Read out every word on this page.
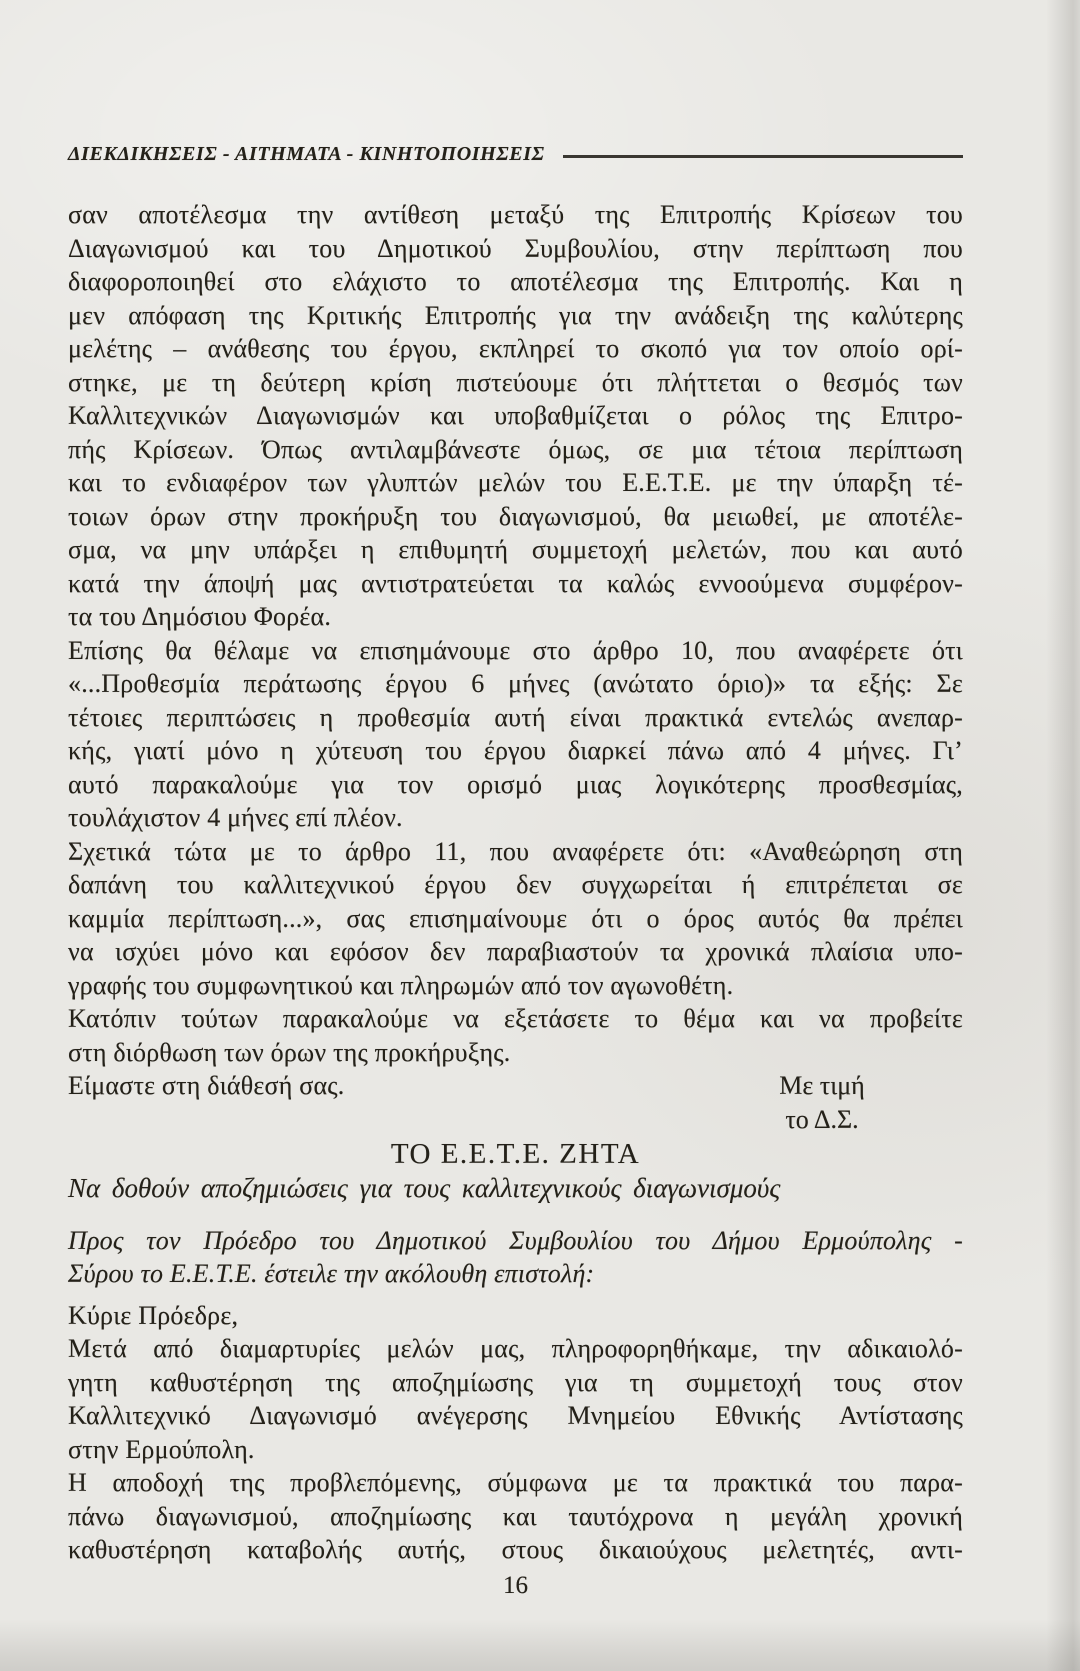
ΔΙΕΚΔΙΚΗΣΕΙΣ - ΑΙΤΗΜΑΤΑ - ΚΙΝΗΤΟΠΟΙΗΣΕΙΣ
σαν αποτέλεσμα την αντίθεση μεταξύ της Επιτροπής Κρίσεων του
Διαγωνισμού και του Δημοτικού Συμβουλίου, στην περίπτωση που
διαφοροποιηθεί στο ελάχιστο το αποτέλεσμα της Επιτροπής. Και η
μεν απόφαση της Κριτικής Επιτροπής για την ανάδειξη της καλύτερης
μελέτης – ανάθεσης του έργου, εκπληρεί το σκοπό για τον οποίο ορί-
στηκε, με τη δεύτερη κρίση πιστεύουμε ότι πλήττεται ο θεσμός των
Καλλιτεχνικών Διαγωνισμών και υποβαθμίζεται ο ρόλος της Επιτρο-
πής Κρίσεων. Όπως αντιλαμβάνεστε όμως, σε μια τέτοια περίπτωση
και το ενδιαφέρον των γλυπτών μελών του Ε.Ε.Τ.Ε. με την ύπαρξη τέ-
τοιων όρων στην προκήρυξη του διαγωνισμού, θα μειωθεί, με αποτέλε-
σμα, να μην υπάρξει η επιθυμητή συμμετοχή μελετών, που και αυτό
κατά την άποψή μας αντιστρατεύεται τα καλώς εννοούμενα συμφέρον-
τα του Δημόσιου Φορέα.
Επίσης θα θέλαμε να επισημάνουμε στο άρθρο 10, που αναφέρετε ότι
«...Προθεσμία περάτωσης έργου 6 μήνες (ανώτατο όριο)» τα εξής: Σε
τέτοιες περιπτώσεις η προθεσμία αυτή είναι πρακτικά εντελώς ανεπαρ-
κής, γιατί μόνο η χύτευση του έργου διαρκεί πάνω από 4 μήνες. Γι’
αυτό παρακαλούμε για τον ορισμό μιας λογικότερης προσθεσμίας,
τουλάχιστον 4 μήνες επί πλέον.
Σχετικά τώτα με το άρθρο 11, που αναφέρετε ότι: «Αναθεώρηση στη
δαπάνη του καλλιτεχνικού έργου δεν συγχωρείται ή επιτρέπεται σε
καμμία περίπτωση...», σας επισημαίνουμε ότι ο όρος αυτός θα πρέπει
να ισχύει μόνο και εφόσον δεν παραβιαστούν τα χρονικά πλαίσια υπο-
γραφής του συμφωνητικού και πληρωμών από τον αγωνοθέτη.
Κατόπιν τούτων παρακαλούμε να εξετάσετε το θέμα και να προβείτε
στη διόρθωση των όρων της προκήρυξης.
Είμαστε στη διάθεσή σας.	Με τιμή
το Δ.Σ.
ΤΟ Ε.Ε.Τ.Ε. ΖΗΤΑ
Να δοθούν αποζημιώσεις για τους καλλιτεχνικούς διαγωνισμούς
Προς τον Πρόεδρο του Δημοτικού Συμβουλίου του Δήμου Ερμούπολης -
Σύρου το Ε.Ε.Τ.Ε. έστειλε την ακόλουθη επιστολή:
Κύριε Πρόεδρε,
Μετά από διαμαρτυρίες μελών μας, πληροφορηθήκαμε, την αδικαιολό-
γητη καθυστέρηση της αποζημίωσης για τη συμμετοχή τους στον
Καλλιτεχνικό Διαγωνισμό ανέγερσης Μνημείου Εθνικής Αντίστασης
στην Ερμούπολη.
Η αποδοχή της προβλεπόμενης, σύμφωνα με τα πρακτικά του παρα-
πάνω διαγωνισμού, αποζημίωσης και ταυτόχρονα η μεγάλη χρονική
καθυστέρηση καταβολής αυτής, στους δικαιούχους μελετητές, αντι-
16
